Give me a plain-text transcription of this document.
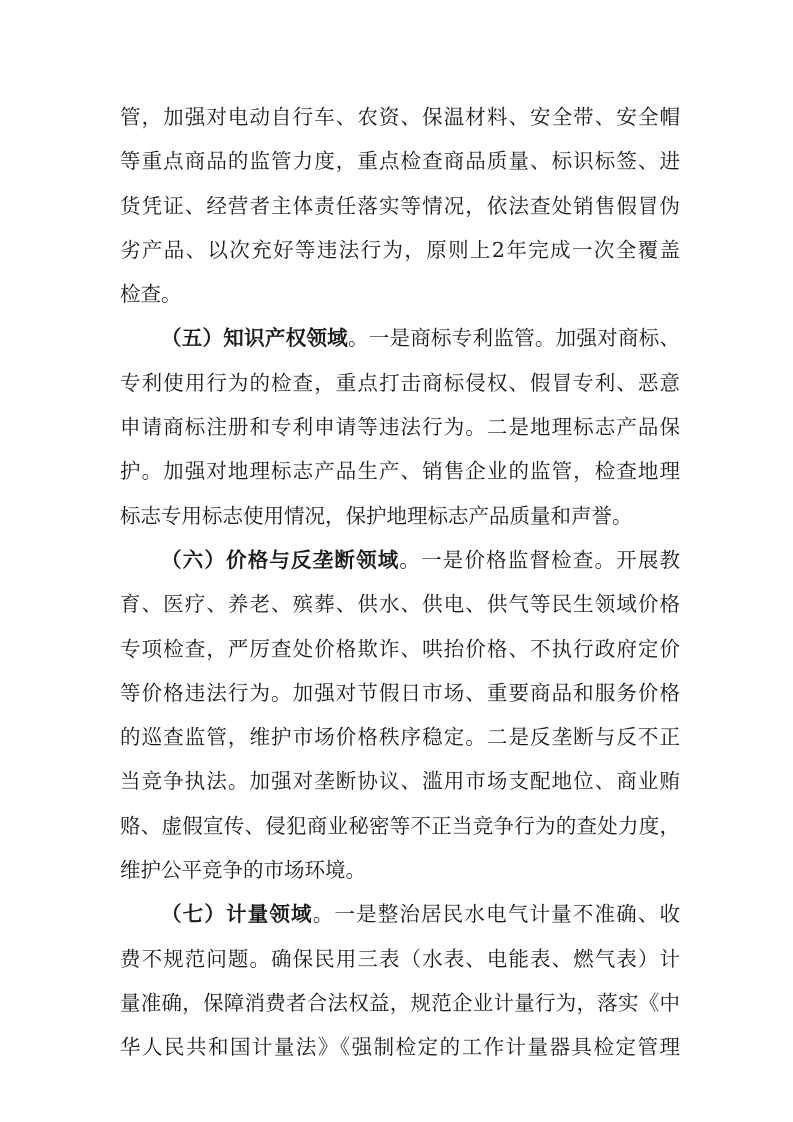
管，加强对电动自行车、农资、保温材料、安全带、安全帽
等重点商品的监管力度，重点检查商品质量、标识标签、进
货凭证、经营者主体责任落实等情况，依法查处销售假冒伪
劣产品、以次充好等违法行为，原则上2年完成一次全覆盖
检查。
（五）知识产权领域。一是商标专利监管。加强对商标、
专利使用行为的检查，重点打击商标侵权、假冒专利、恶意
申请商标注册和专利申请等违法行为。二是地理标志产品保
护。加强对地理标志产品生产、销售企业的监管，检查地理
标志专用标志使用情况，保护地理标志产品质量和声誉。
（六）价格与反垄断领域。一是价格监督检查。开展教
育、医疗、养老、殡葬、供水、供电、供气等民生领域价格
专项检查，严厉查处价格欺诈、哄抬价格、不执行政府定价
等价格违法行为。加强对节假日市场、重要商品和服务价格
的巡查监管，维护市场价格秩序稳定。二是反垄断与反不正
当竞争执法。加强对垄断协议、滥用市场支配地位、商业贿
赂、虚假宣传、侵犯商业秘密等不正当竞争行为的查处力度，
维护公平竞争的市场环境。
（七）计量领域。一是整治居民水电气计量不准确、收
费不规范问题。确保民用三表（水表、电能表、燃气表）计
量准确，保障消费者合法权益，规范企业计量行为，落实《中
华人民共和国计量法》《强制检定的工作计量器具检定管理
